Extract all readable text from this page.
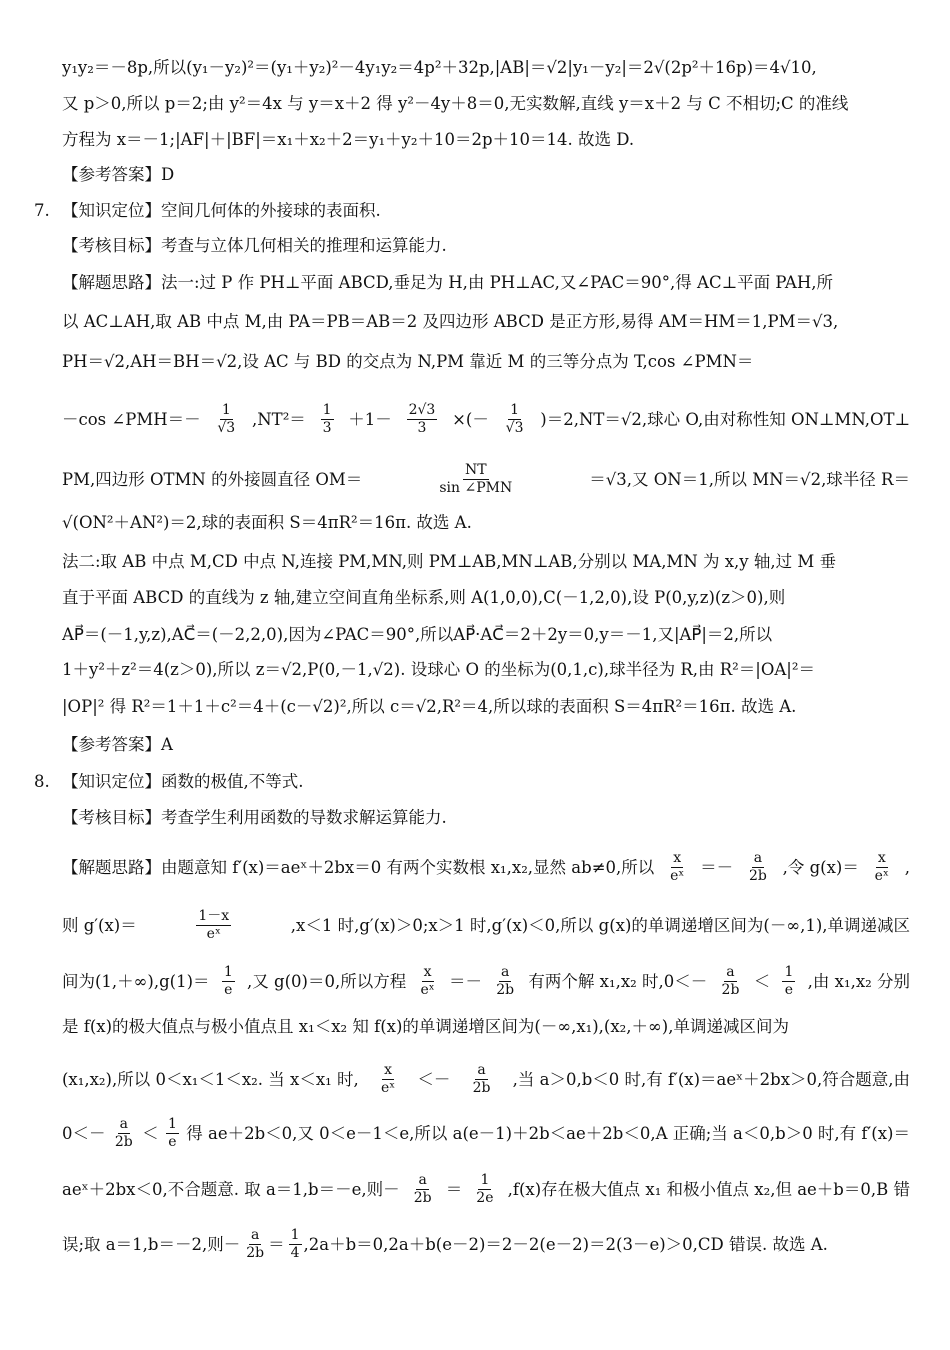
7.
8.
y₁y₂＝－8p,所以(y₁－y₂)²＝(y₁＋y₂)²－4y₁y₂＝4p²＋32p,|AB|＝√2|y₁－y₂|＝2√(2p²＋16p)＝4√10,
又 p＞0,所以 p＝2;由 y²＝4x 与 y＝x＋2 得 y²－4y＋8＝0,无实数解,直线 y＝x＋2 与 C 不相切;C 的准线
方程为 x＝－1;|AF|＋|BF|＝x₁＋x₂＋2＝y₁＋y₂＋10＝2p＋10＝14. 故选 D.
【参考答案】D
【知识定位】空间几何体的外接球的表面积.
【考核目标】考查与立体几何相关的推理和运算能力.
【解题思路】法一:过 P 作 PH⊥平面 ABCD,垂足为 H,由 PH⊥AC,又∠PAC＝90°,得 AC⊥平面 PAH,所
以 AC⊥AH,取 AB 中点 M,由 PA＝PB＝AB＝2 及四边形 ABCD 是正方形,易得 AM＝HM＝1,PM＝√3,
PH＝√2,AH＝BH＝√2,设 AC 与 BD 的交点为 N,PM 靠近 M 的三等分点为 T,cos ∠PMN＝
－cos ∠PMH＝－ $\frac{1}{√3} ,NT^2= \frac{1}{3} +1- \frac{2√3}{3}$ ×(－ $\frac{1}{√3} )=2,NT=√2$,球心 O,由对称性知 ON⊥MN,OT⊥
PM,四边形 OTMN 的外接圆直径 OM＝	$\frac{NT}{\text{sin ∠PMN}}$	＝√3,又 ON＝1,所以 MN＝√2,球半径 R＝
√(ON²＋AN²)＝2,球的表面积 S＝4πR²＝16π. 故选 A.
法二:取 AB 中点 M,CD 中点 N,连接 PM,MN,则 PM⊥AB,MN⊥AB,分别以 MA,MN 为 x,y 轴,过 M 垂
直于平面 ABCD 的直线为 z 轴,建立空间直角坐标系,则 A(1,0,0),C(－1,2,0),设 P(0,y,z)(z＞0),则
AP⃗＝(－1,y,z),AC⃗＝(－2,2,0),因为∠PAC＝90°,所以AP⃗·AC⃗＝2＋2y＝0,y＝－1,又|AP⃗|＝2,所以
1＋y²＋z²＝4(z＞0),所以 z＝√2,P(0,－1,√2). 设球心 O 的坐标为(0,1,c),球半径为 R,由 R²＝|OA|²＝
|OP|² 得 R²＝1＋1＋c²＝4＋(c－√2)²,所以 c＝√2,R²＝4,所以球的表面积 S＝4πR²＝16π. 故选 A.
【参考答案】A
【知识定位】函数的极值,不等式.
【考核目标】考查学生利用函数的导数求解运算能力.
【解题思路】由题意知 f′(x)＝aeˣ＋2bx＝0 有两个实数根 x₁,x₂,显然 ab≠0,所以 $\frac{x}{\text{eˣ}} =- \frac{a}{2b}$ ,令 $g(x)= \frac{x}{\text{eˣ}}$ ,
则 g′(x)＝	$\frac{1-x}{\text{eˣ}}$	,x＜1 时,g′(x)＞0;x＞1 时,g′(x)＜0,所以 g(x)的单调递增区间为(－∞,1),单调递减区
间为$(1,+\infty),g(1)= \frac{1}{e}$ ,又 g(0)＝0,所以方程 $\frac{x}{\text{eˣ}} =- \frac{a}{2b}$ 有两个解 x₁,x₂ 时$,0<- \frac{a}{2b} < \frac{1}{e}$ ,由 x₁,x₂ 分别
是 f(x)的极大值点与极小值点且 x₁＜x₂ 知 f(x)的单调递增区间为(－∞,x₁),(x₂,＋∞),单调递减区间为
(x₁,x₂),所以 0＜x₁＜1＜x₂. 当 x＜x₁ 时, $\frac{x}{\text{eˣ}} <- \frac{a}{2b}$ ,当 a＞0,b＜0 时,有 f′(x)＝aeˣ＋2bx＞0,符合题意,由
$0<- \frac{a}{2b} < \frac{1}{e}$ 得 ae＋2b＜0,又 0＜e－1＜e,所以 a(e－1)＋2b＜ae＋2b＜0,A 正确;当 a＜0,b＞0 时,有 f′(x)＝
aeˣ＋2bx＜0,不合题意. 取 a＝1,b＝－e,则－ $\frac{a}{2b} = \frac{1}{2e} ,f(x)$存在极大值点 x₁ 和极小值点 x₂,但 ae＋b＝0,B 错
误;取 a＝1,b＝－2,则－ $\frac{a}{2b} = \frac{1}{4} ,2a+b=0,2a+b(e-2)=2-2(e-2)=2(3-e)>0,CD$ 错误. 故选 A.
